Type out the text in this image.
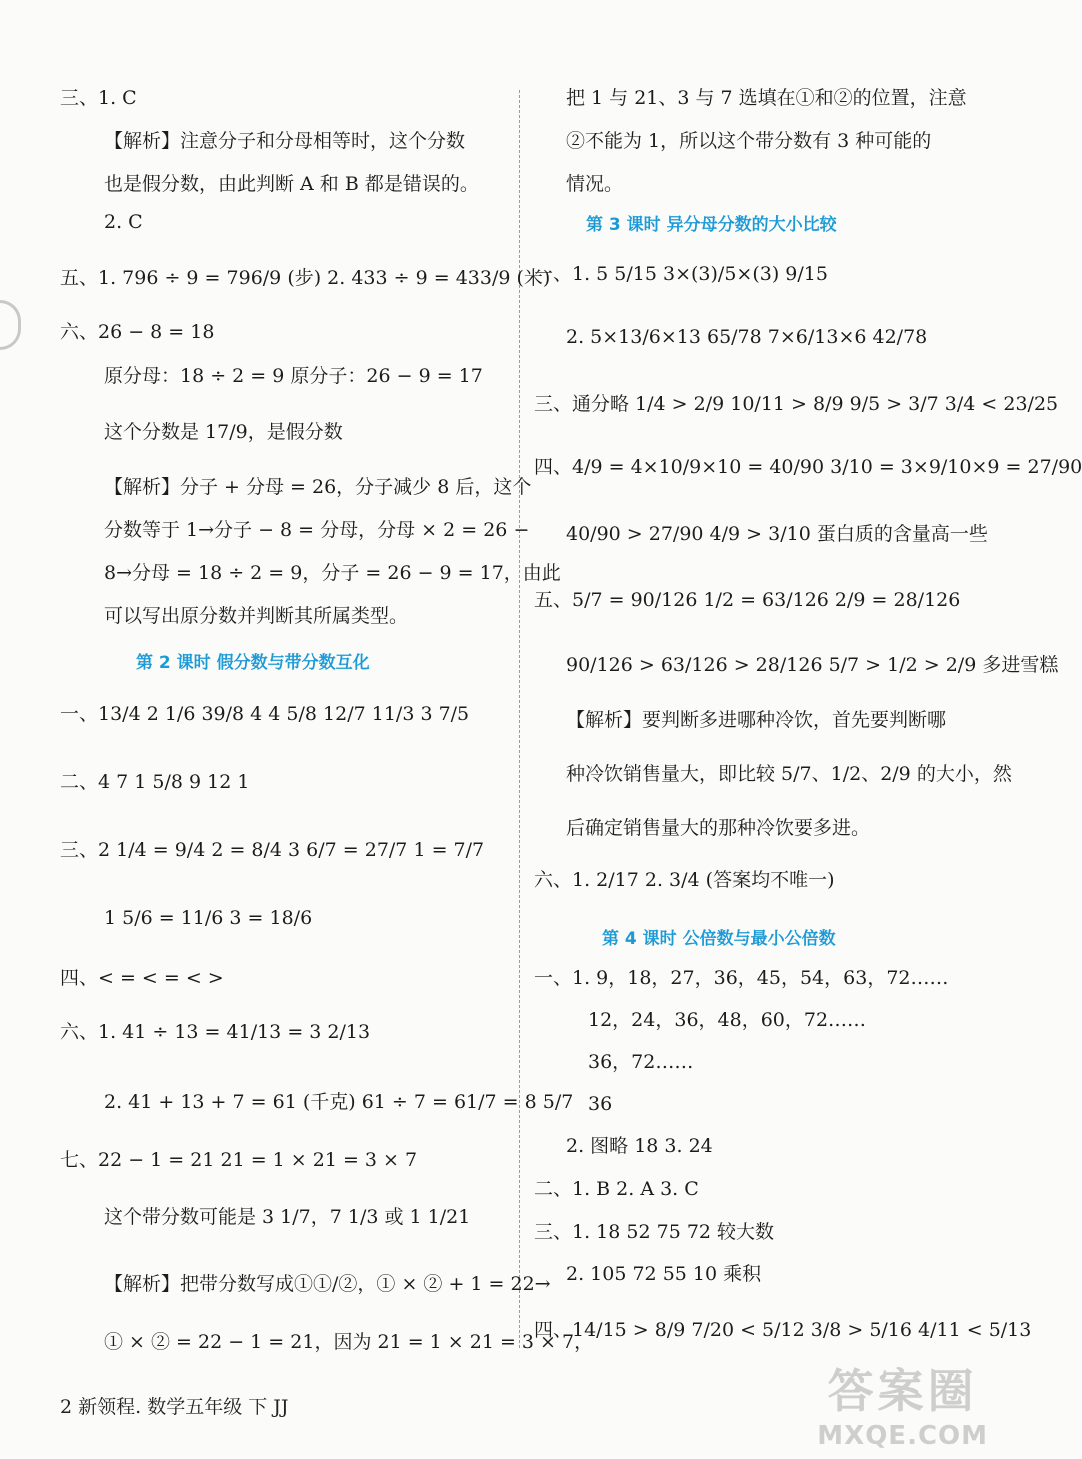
三、1. C
【解析】注意分子和分母相等时，这个分数
也是假分数，由此判断 A 和 B 都是错误的。
2. C
五、1. 796 ÷ 9 = 796/9 (步) 2. 433 ÷ 9 = 433/9 (米)
六、26 − 8 = 18
原分母：18 ÷ 2 = 9 原分子：26 − 9 = 17
这个分数是 17/9，是假分数
【解析】分子 + 分母 = 26，分子减少 8 后，这个
分数等于 1→分子 − 8 = 分母，分母 × 2 = 26 −
8→分母 = 18 ÷ 2 = 9，分子 = 26 − 9 = 17，由此
可以写出原分数并判断其所属类型。
一、13/4 2 1/6 39/8 4 4 5/8 12/7 11/3 3 7/5
二、4 7 1 5/8 9 12 1
三、2 1/4 = 9/4 2 = 8/4 3 6/7 = 27/7 1 = 7/7
1 5/6 = 11/6 3 = 18/6
四、< = < = < >
六、1. 41 ÷ 13 = 41/13 = 3 2/13
2. 41 + 13 + 7 = 61 (千克) 61 ÷ 7 = 61/7 = 8 5/7
七、22 − 1 = 21 21 = 1 × 21 = 3 × 7
这个带分数可能是 3 1/7，7 1/3 或 1 1/21
【解析】把带分数写成①①/②，① × ② + 1 = 22→
① × ② = 22 − 1 = 21，因为 21 = 1 × 21 = 3 × 7，
把 1 与 21、3 与 7 选填在①和②的位置，注意
②不能为 1，所以这个带分数有 3 种可能的
情况。
一、1. 5 5/15 3×(3)/5×(3) 9/15
2. 5×13/6×13 65/78 7×6/13×6 42/78
三、通分略 1/4 > 2/9 10/11 > 8/9 9/5 > 3/7 3/4 < 23/25
四、4/9 = 4×10/9×10 = 40/90 3/10 = 3×9/10×9 = 27/90
40/90 > 27/90 4/9 > 3/10 蛋白质的含量高一些
五、5/7 = 90/126 1/2 = 63/126 2/9 = 28/126
90/126 > 63/126 > 28/126 5/7 > 1/2 > 2/9 多进雪糕
【解析】要判断多进哪种冷饮，首先要判断哪
种冷饮销售量大，即比较 5/7、1/2、2/9 的大小，然
后确定销售量大的那种冷饮要多进。
六、1. 2/17 2. 3/4 (答案均不唯一)
一、1. 9，18，27，36，45，54，63，72……
12，24，36，48，60，72……
36，72……
36
2. 图略 18 3. 24
二、1. B 2. A 3. C
三、1. 18 52 75 72 较大数
2. 105 72 55 10 乘积
四、14/15 > 8/9 7/20 < 5/12 3/8 > 5/16 4/11 < 5/13
第 2 课时 假分数与带分数互化
第 3 课时 异分母分数的大小比较
第 4 课时 公倍数与最小公倍数
2 新领程. 数学五年级 下 JJ	答案圈
MXQE.COM
